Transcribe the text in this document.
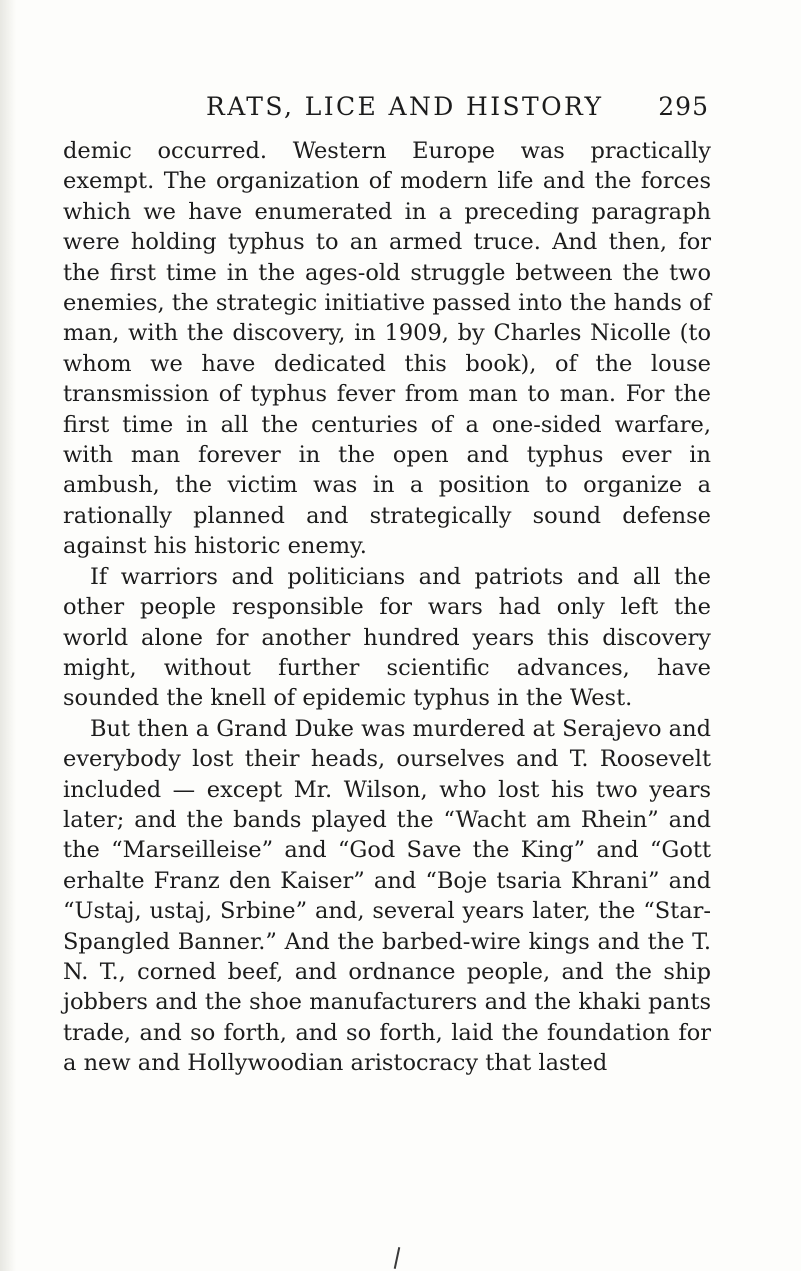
RATS, LICE AND HISTORY 295

demic occurred. Western Europe was practically exempt. The organization of modern life and the forces which we have enumerated in a preceding paragraph were holding typhus to an armed truce. And then, for the first time in the ages-old struggle between the two enemies, the strategic initiative passed into the hands of man, with the discovery, in 1909, by Charles Nicolle (to whom we have dedicated this book), of the louse transmission of typhus fever from man to man. For the first time in all the centuries of a one-sided warfare, with man forever in the open and typhus ever in ambush, the victim was in a position to organize a rationally planned and strategically sound defense against his historic enemy.

If warriors and politicians and patriots and all the other people responsible for wars had only left the world alone for another hundred years this discovery might, without further scientific advances, have sounded the knell of epidemic typhus in the West.

But then a Grand Duke was murdered at Serajevo and everybody lost their heads, ourselves and T. Roosevelt included — except Mr. Wilson, who lost his two years later; and the bands played the “Wacht am Rhein” and the “Marseilleise” and “God Save the King” and “Gott erhalte Franz den Kaiser” and “Boje tsaria Khrani” and “Ustaj, ustaj, Srbine” and, several years later, the “Star-Spangled Banner.” And the barbed-wire kings and the T. N. T., corned beef, and ordnance people, and the ship jobbers and the shoe manufacturers and the khaki pants trade, and so forth, and so forth, laid the foundation for a new and Hollywoodian aristocracy that lasted
